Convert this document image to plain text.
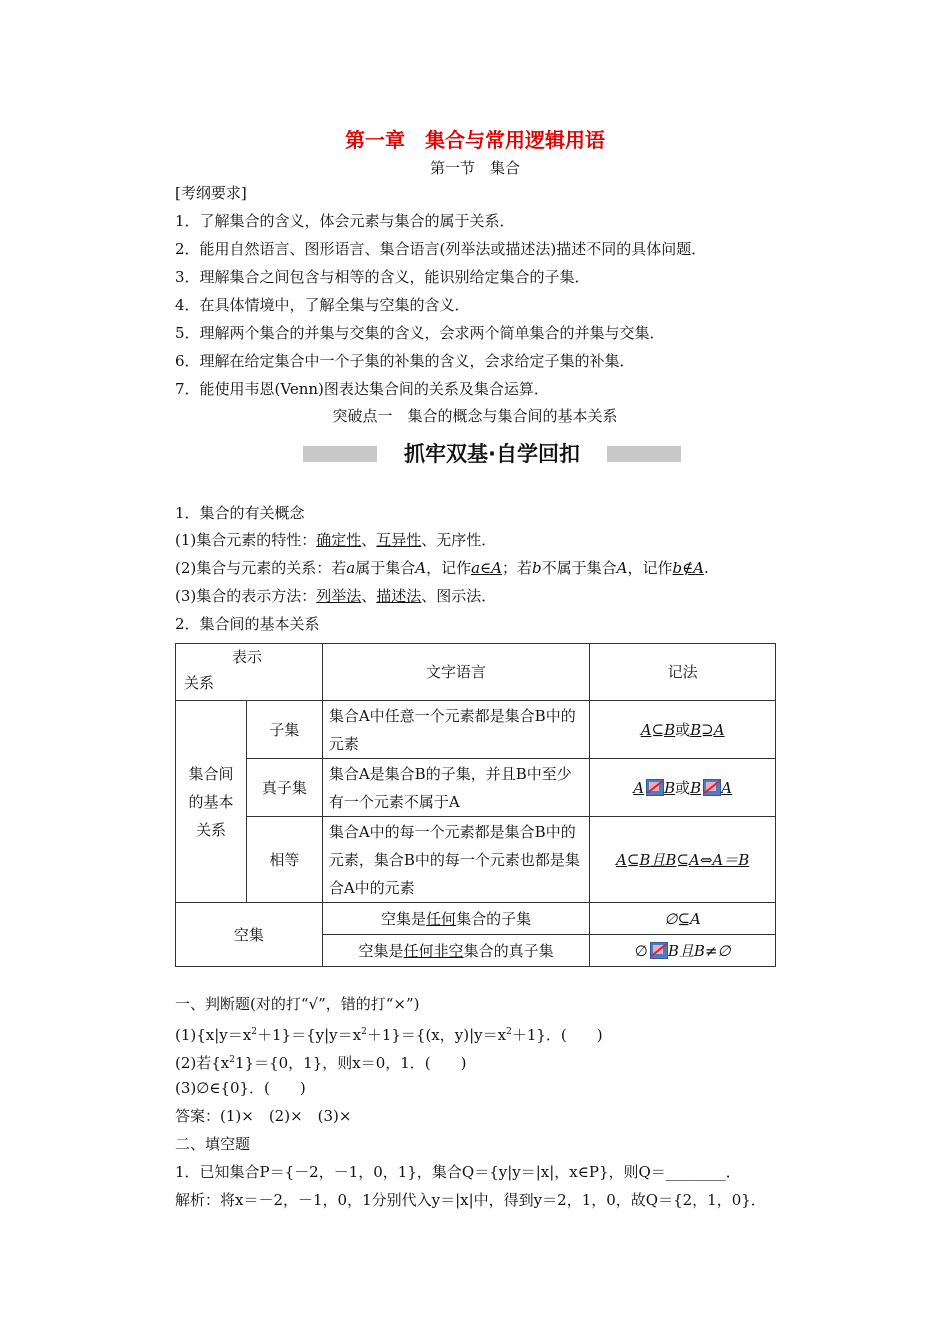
第一章　集合与常用逻辑用语
第一节　集合
[考纲要求]
1．了解集合的含义，体会元素与集合的属于关系．
2．能用自然语言、图形语言、集合语言(列举法或描述法)描述不同的具体问题．
3．理解集合之间包含与相等的含义，能识别给定集合的子集．
4．在具体情境中，了解全集与空集的含义．
5．理解两个集合的并集与交集的含义，会求两个简单集合的并集与交集．
6．理解在给定集合中一个子集的补集的含义，会求给定子集的补集．
7．能使用韦恩(Venn)图表达集合间的关系及集合运算．
突破点一　集合的概念与集合间的基本关系
抓牢双基·自学回扣
1．集合的有关概念
(1)集合元素的特性：确定性、互异性、无序性．
(2)集合与元素的关系：若a属于集合A，记作a∈A；若b不属于集合A，记作b∉A.
(3)集合的表示方法：列举法、描述法、图示法．
2．集合间的基本关系
表示
关系		文字语言	记法
集合间的基本关系	子集	集合A中任意一个元素都是集合B中的元素	A⊆B或B⊇A
	真子集	集合A是集合B的子集，并且B中至少有一个元素不属于A	A B或B A
	相等	集合A中的每一个元素都是集合B中的元素，集合B中的每一个元素也都是集合A中的元素	A⊆B且B⊆A⇔A＝B
空集		空集是任何集合的子集	∅⊆A
		空集是任何非空集合的真子集	∅ B且B≠∅
一、判断题(对的打“√”，错的打“×”)
$(1)\{x|y=x^2+1\}=\{y|y=x^2+1\}=\{(x$，$y)|y=x^2+1$}．(　　)
(2)若$\{x^21\}=\{0$，1}，则x＝0，1．(　　)
(3)∅∈{0}．(　　)
答案：(1)×　(2)×　(3)×
二、填空题
1．已知集合P＝{－2，－1，0，1}，集合Q＝{y|y＝|x|，x∈P}，则Q＝________．
解析：将x＝－2，－1，0，1分别代入y＝|x|中，得到y＝2，1，0，故Q＝{2，1，0}．
